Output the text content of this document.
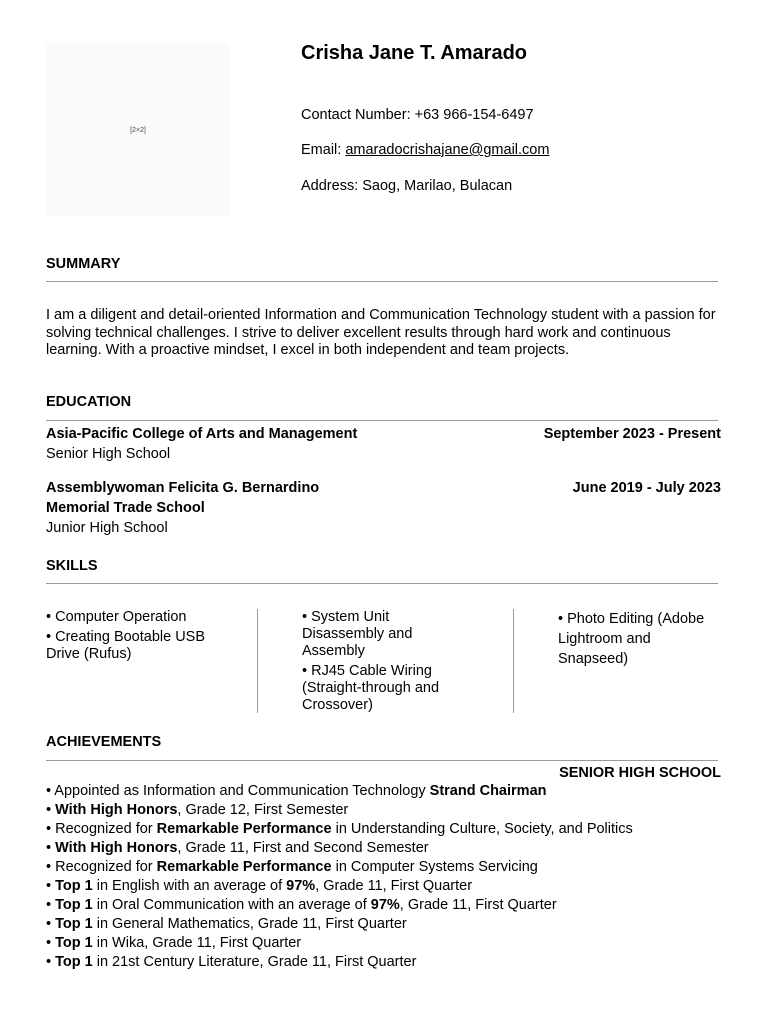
[2×2]
Crisha Jane T. Amarado
Contact Number: +63 966-154-6497
Email: amaradocrishajane@gmail.com
Address: Saog, Marilao, Bulacan
SUMMARY

I am a diligent and detail-oriented Information and Communication Technology student with a passion for solving technical challenges. I strive to deliver excellent results through hard work and continuous learning. With a proactive mindset, I excel in both independent and team projects.

EDUCATION
Asia-Pacific College of Arts and Management	September 2023 - Present
Senior High School
Assemblywoman Felicita G. Bernardino Memorial Trade School
June 2019 - July 2023
Junior High School
SKILLS
• Computer Operation
• Creating Bootable USB Drive (Rufus)
• System Unit Disassembly and Assembly
• RJ45 Cable Wiring (Straight-through and Crossover)
• Photo Editing (Adobe Lightroom and Snapseed)
ACHIEVEMENTS
SENIOR HIGH SCHOOL
• Appointed as Information and Communication Technology Strand Chairman
• With High Honors, Grade 12, First Semester
• Recognized for Remarkable Performance in Understanding Culture, Society, and Politics
• With High Honors, Grade 11, First and Second Semester
• Recognized for Remarkable Performance in Computer Systems Servicing
• Top 1 in English with an average of 97%, Grade 11, First Quarter
• Top 1 in Oral Communication with an average of 97%, Grade 11, First Quarter
• Top 1 in General Mathematics, Grade 11, First Quarter
• Top 1 in Wika, Grade 11, First Quarter
• Top 1 in 21st Century Literature, Grade 11, First Quarter
